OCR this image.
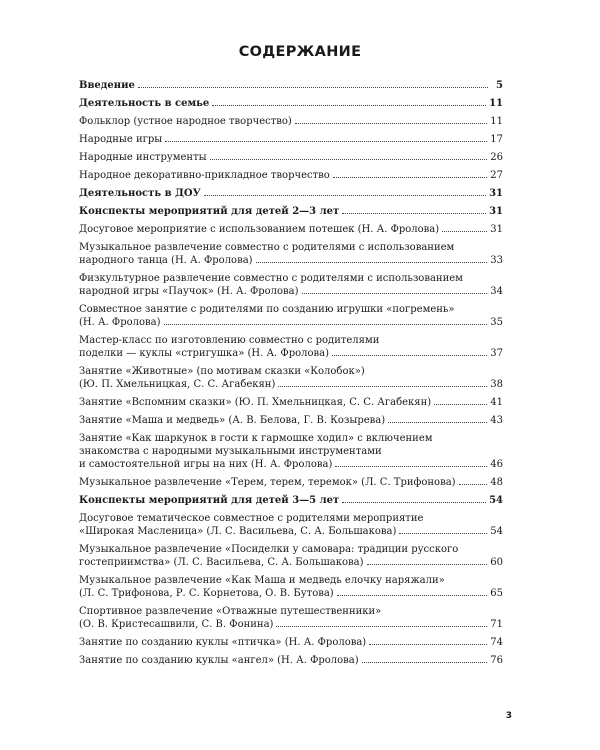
СОДЕРЖАНИЕ
Введение	5
Деятельность в семье	11
Фольклор (устное народное творчество)	11
Народные игры	17
Народные инструменты	26
Народное декоративно-прикладное творчество	27
Деятельность в ДОУ	31
Конспекты мероприятий для детей 2—3 лет	31
Досуговое мероприятие с использованием потешек (Н. А. Фролова)	31
Музыкальное развлечение совместно с родителями с использованием
народного танца (Н. А. Фролова)	33
Физкультурное развлечение совместно с родителями с использованием
народной игры «Паучок» (Н. А. Фролова)	34
Совместное занятие с родителями по созданию игрушки «погремень»
(Н. А. Фролова)	35
Мастер-класс по изготовлению совместно с родителями
поделки — куклы «стригушка» (Н. А. Фролова)	37
Занятие «Животные» (по мотивам сказки «Колобок»)
(Ю. П. Хмельницкая, С. С. Агабекян)	38
Занятие «Вспомним сказки» (Ю. П. Хмельницкая, С. С. Агабекян)	41
Занятие «Маша и медведь» (А. В. Белова, Г. В. Козырева)	43
Занятие «Как шаркунок в гости к гармошке ходил» с включением
знакомства с народными музыкальными инструментами
и самостоятельной игры на них (Н. А. Фролова)	46
Музыкальное развлечение «Терем, терем, теремок» (Л. С. Трифонова)	48
Конспекты мероприятий для детей 3—5 лет	54
Досуговое тематическое совместное с родителями мероприятие
«Широкая Масленица» (Л. С. Васильева, С. А. Большакова)	54
Музыкальное развлечение «Посиделки у самовара: традиции русского
гостеприимства» (Л. С. Васильева, С. А. Большакова)	60
Музыкальное развлечение «Как Маша и медведь елочку наряжали»
(Л. С. Трифонова, Р. С. Корнетова, О. В. Бутова)	65
Спортивное развлечение «Отважные путешественники»
(О. В. Кристесашвили, С. В. Фонина)	71
Занятие по созданию куклы «птичка» (Н. А. Фролова)	74
Занятие по созданию куклы «ангел» (Н. А. Фролова)	76
3
